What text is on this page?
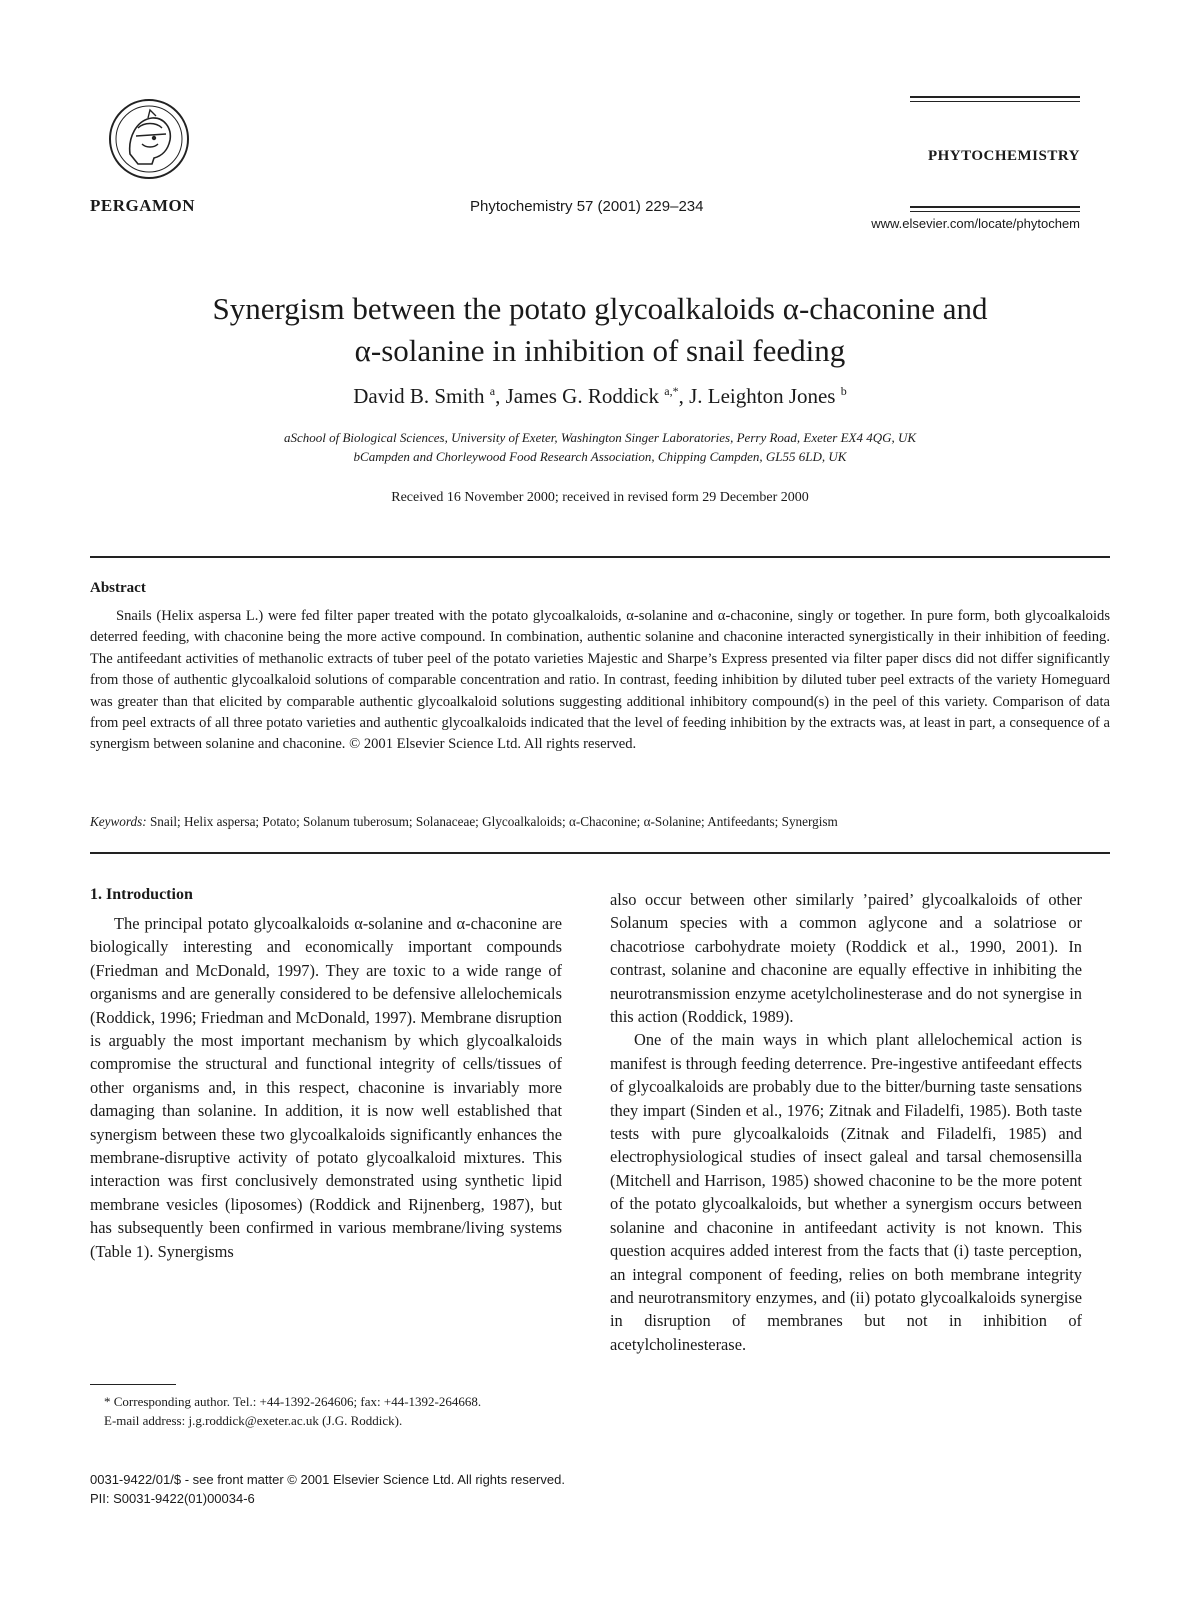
PERGAMON	Phytochemistry 57 (2001) 229–234
PHYTOCHEMISTRY
www.elsevier.com/locate/phytochem
Synergism between the potato glycoalkaloids α-chaconine and
α-solanine in inhibition of snail feeding
David B. Smith $^a$, James G. Roddick $^{a,*}$, J. Leighton Jones $^b$
aSchool of Biological Sciences, University of Exeter, Washington Singer Laboratories, Perry Road, Exeter EX4 4QG, UK
bCampden and Chorleywood Food Research Association, Chipping Campden, GL55 6LD, UK
Received 16 November 2000; received in revised form 29 December 2000
Abstract
Snails (Helix aspersa L.) were fed filter paper treated with the potato glycoalkaloids, α-solanine and α-chaconine, singly or together. In pure form, both glycoalkaloids deterred feeding, with chaconine being the more active compound. In combination, authentic solanine and chaconine interacted synergistically in their inhibition of feeding. The antifeedant activities of methanolic extracts of tuber peel of the potato varieties Majestic and Sharpe’s Express presented via filter paper discs did not differ significantly from those of authentic glycoalkaloid solutions of comparable concentration and ratio. In contrast, feeding inhibition by diluted tuber peel extracts of the variety Homeguard was greater than that elicited by comparable authentic glycoalkaloid solutions suggesting additional inhibitory compound(s) in the peel of this variety. Comparison of data from peel extracts of all three potato varieties and authentic glycoalkaloids indicated that the level of feeding inhibition by the extracts was, at least in part, a consequence of a synergism between solanine and chaconine. © 2001 Elsevier Science Ltd. All rights reserved.
Keywords: Snail; Helix aspersa; Potato; Solanum tuberosum; Solanaceae; Glycoalkaloids; α-Chaconine; α-Solanine; Antifeedants; Synergism
1. Introduction

The principal potato glycoalkaloids α-solanine and α-chaconine are biologically interesting and economically important compounds (Friedman and McDonald, 1997). They are toxic to a wide range of organisms and are generally considered to be defensive allelochemicals (Roddick, 1996; Friedman and McDonald, 1997). Membrane disruption is arguably the most important mechanism by which glycoalkaloids compromise the structural and functional integrity of cells/tissues of other organisms and, in this respect, chaconine is invariably more damaging than solanine. In addition, it is now well established that synergism between these two glycoalkaloids significantly enhances the membrane-disruptive activity of potato glycoalkaloid mixtures. This interaction was first conclusively demonstrated using synthetic lipid membrane vesicles (liposomes) (Roddick and Rijnenberg, 1987), but has subsequently been confirmed in various membrane/living systems (Table 1). Synergisms

also occur between other similarly ’paired’ glycoalkaloids of other Solanum species with a common aglycone and a solatriose or chacotriose carbohydrate moiety (Roddick et al., 1990, 2001). In contrast, solanine and chaconine are equally effective in inhibiting the neurotransmission enzyme acetylcholinesterase and do not synergise in this action (Roddick, 1989).

One of the main ways in which plant allelochemical action is manifest is through feeding deterrence. Pre-ingestive antifeedant effects of glycoalkaloids are probably due to the bitter/burning taste sensations they impart (Sinden et al., 1976; Zitnak and Filadelfi, 1985). Both taste tests with pure glycoalkaloids (Zitnak and Filadelfi, 1985) and electrophysiological studies of insect galeal and tarsal chemosensilla (Mitchell and Harrison, 1985) showed chaconine to be the more potent of the potato glycoalkaloids, but whether a synergism occurs between solanine and chaconine in antifeedant activity is not known. This question acquires added interest from the facts that (i) taste perception, an integral component of feeding, relies on both membrane integrity and neurotransmitory enzymes, and (ii) potato glycoalkaloids synergise in disruption of membranes but not in inhibition of acetylcholinesterase.

* Corresponding author. Tel.: +44-1392-264606; fax: +44-1392-264668.

E-mail address: j.g.roddick@exeter.ac.uk (J.G. Roddick).

0031-9422/01/$ - see front matter © 2001 Elsevier Science Ltd. All rights reserved.
PII: S0031-9422(01)00034-6
